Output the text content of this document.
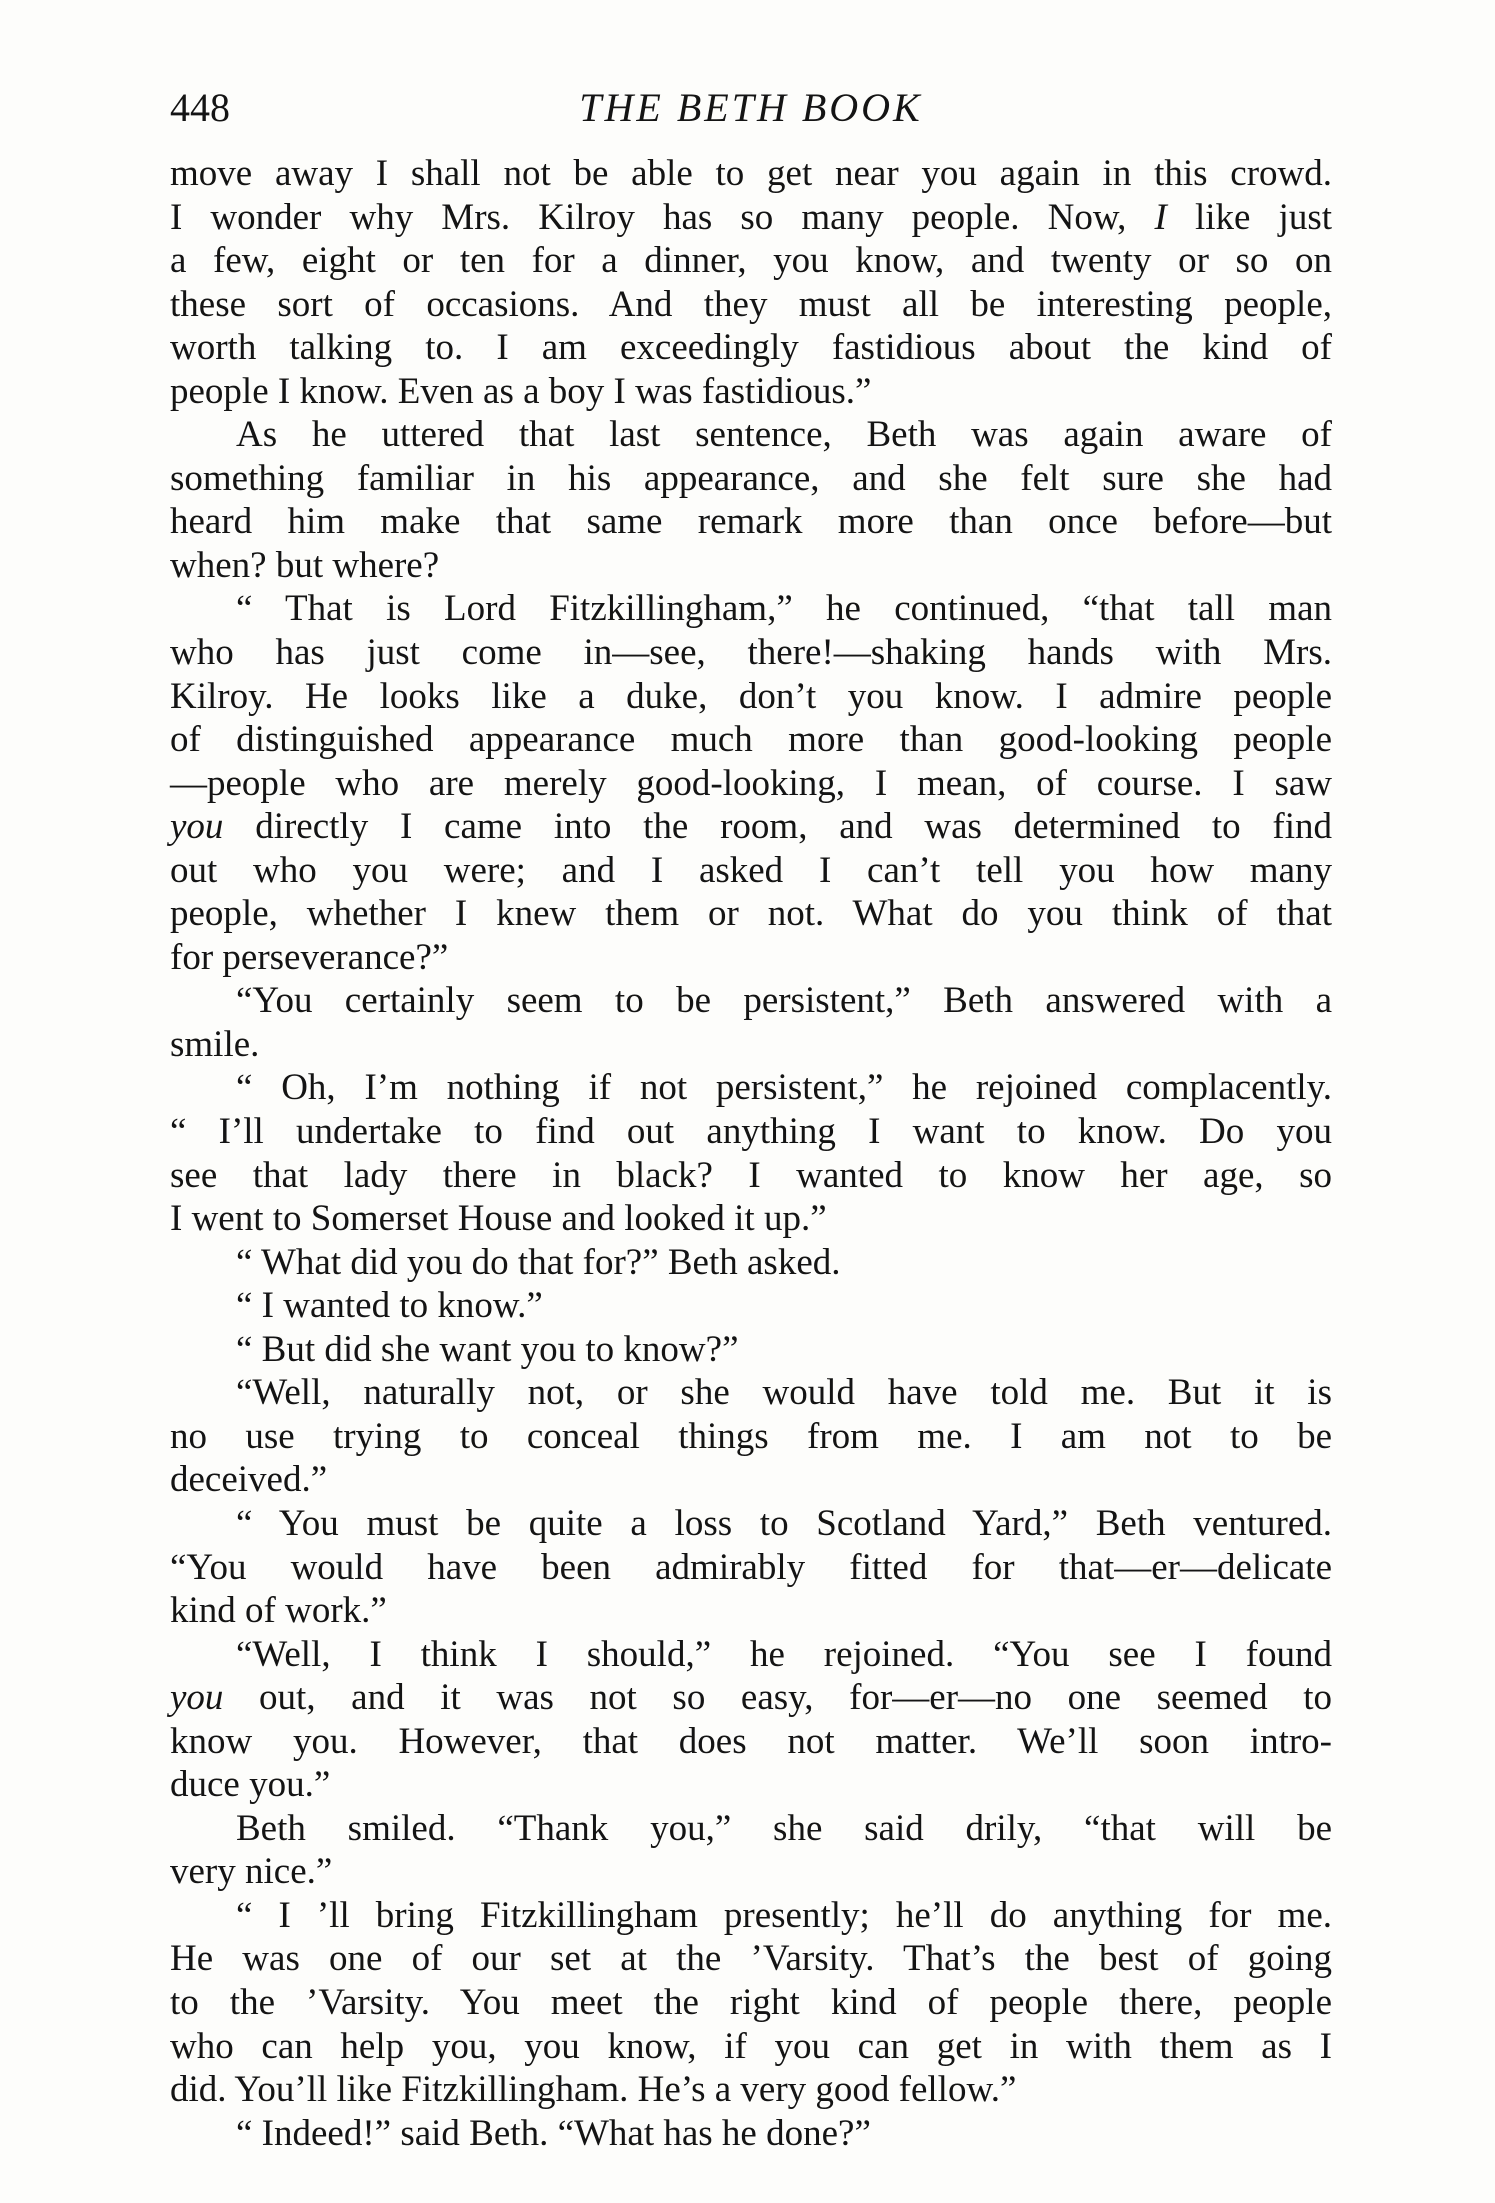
448	THE BETH BOOK
move away I shall not be able to get near you again in this crowd.
I wonder why Mrs. Kilroy has so many people. Now, I like just
a few, eight or ten for a dinner, you know, and twenty or so on
these sort of occasions. And they must all be interesting people,
worth talking to. I am exceedingly fastidious about the kind of
people I know. Even as a boy I was fastidious.”
As he uttered that last sentence, Beth was again aware of
something familiar in his appearance, and she felt sure she had
heard him make that same remark more than once before—but
when? but where?
“ That is Lord Fitzkillingham,” he continued, “that tall man
who has just come in—see, there!—shaking hands with Mrs.
Kilroy. He looks like a duke, don’t you know. I admire people
of distinguished appearance much more than good-looking people
—people who are merely good-looking, I mean, of course. I saw
you directly I came into the room, and was determined to find
out who you were; and I asked I can’t tell you how many
people, whether I knew them or not. What do you think of that
for perseverance?”
“You certainly seem to be persistent,” Beth answered with a
smile.
“ Oh, I’m nothing if not persistent,” he rejoined complacently.
“ I’ll undertake to find out anything I want to know. Do you
see that lady there in black? I wanted to know her age, so
I went to Somerset House and looked it up.”
“ What did you do that for?” Beth asked.
“ I wanted to know.”
“ But did she want you to know?”
“Well, naturally not, or she would have told me. But it is
no use trying to conceal things from me. I am not to be
deceived.”
“ You must be quite a loss to Scotland Yard,” Beth ventured.
“You would have been admirably fitted for that—er—delicate
kind of work.”
“Well, I think I should,” he rejoined. “You see I found
you out, and it was not so easy, for—er—no one seemed to
know you. However, that does not matter. We’ll soon intro-
duce you.”
Beth smiled. “Thank you,” she said drily, “that will be
very nice.”
“ I ’ll bring Fitzkillingham presently; he’ll do anything for me.
He was one of our set at the ’Varsity. That’s the best of going
to the ’Varsity. You meet the right kind of people there, people
who can help you, you know, if you can get in with them as I
did. You’ll like Fitzkillingham. He’s a very good fellow.”
“ Indeed!” said Beth. “What has he done?”
